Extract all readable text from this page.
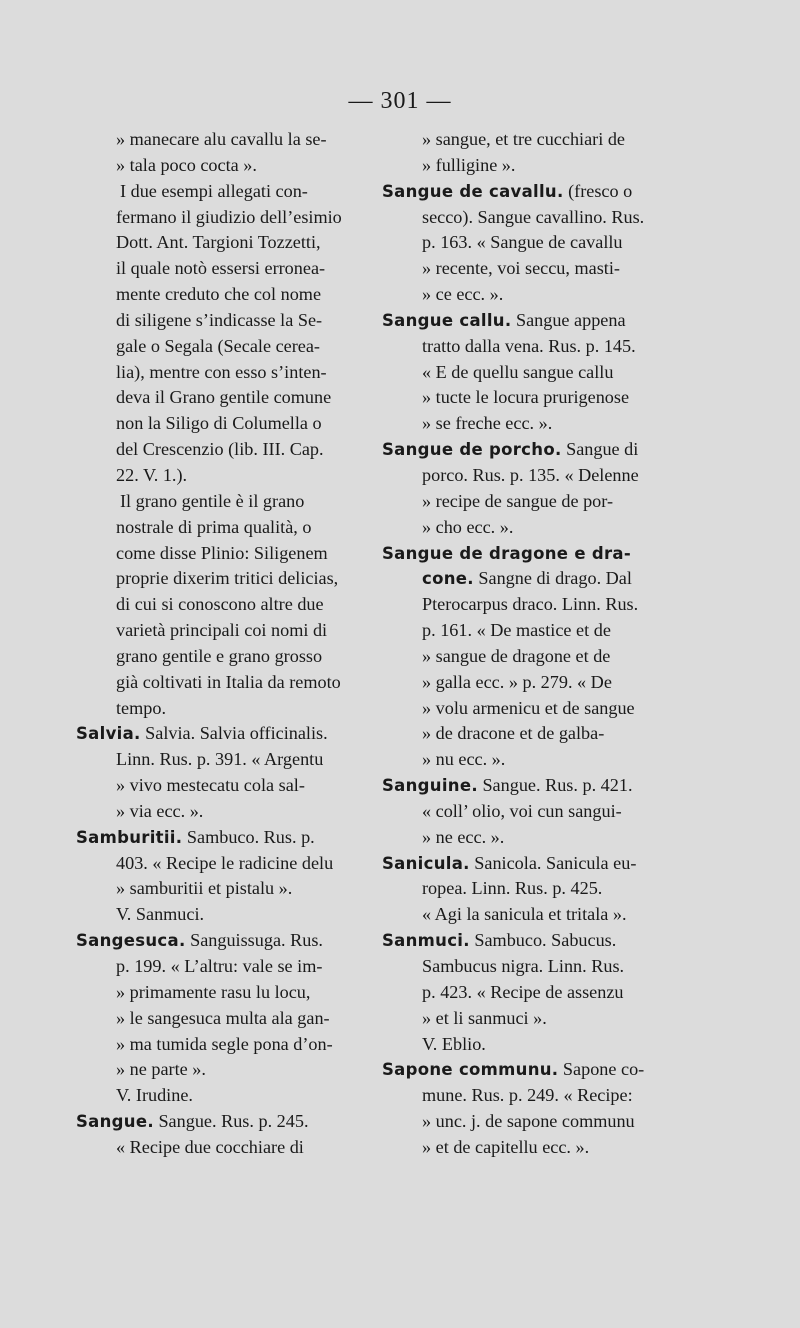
— 301 —
» manecare alu cavallu la se-
» tala poco cocta ».
I due esempi allegati con-
fermano il giudizio dell’esimio
Dott. Ant. Targioni Tozzetti,
il quale notò essersi erronea-
mente creduto che col nome
di siligene s’indicasse la Se-
gale o Segala (Secale cerea-
lia), mentre con esso s’inten-
deva il Grano gentile comune
non la Siligo di Columella o
del Crescenzio (lib. III. Cap.
22. V. 1.).
Il grano gentile è il grano
nostrale di prima qualità, o
come disse Plinio: Siligenem
proprie dixerim tritici delicias,
di cui si conoscono altre due
varietà principali coi nomi di
grano gentile e grano grosso
già coltivati in Italia da remoto
tempo.
Salvia. Salvia. Salvia officinalis.
Linn. Rus. p. 391. « Argentu
» vivo mestecatu cola sal-
» via ecc. ».
Samburitii. Sambuco. Rus. p.
403. « Recipe le radicine delu
» samburitii et pistalu ».
V. Sanmuci.
Sangesuca. Sanguissuga. Rus.
p. 199. « L’altru: vale se im-
» primamente rasu lu locu,
» le sangesuca multa ala gan-
» ma tumida segle pona d’on-
» ne parte ».
V. Irudine.
Sangue. Sangue. Rus. p. 245.
« Recipe due cocchiare di
» sangue, et tre cucchiari de
» fulligine ».
Sangue de cavallu. (fresco o
secco). Sangue cavallino. Rus.
p. 163. « Sangue de cavallu
» recente, voi seccu, masti-
» ce ecc. ».
Sangue callu. Sangue appena
tratto dalla vena. Rus. p. 145.
« E de quellu sangue callu
» tucte le locura prurigenose
» se freche ecc. ».
Sangue de porcho. Sangue di
porco. Rus. p. 135. « Delenne
» recipe de sangue de por-
» cho ecc. ».
Sangue de dragone e dra-
cone. Sangne di drago. Dal
Pterocarpus draco. Linn. Rus.
p. 161. « De mastice et de
» sangue de dragone et de
» galla ecc. » p. 279. « De
» volu armenicu et de sangue
» de dracone et de galba-
» nu ecc. ».
Sanguine. Sangue. Rus. p. 421.
« coll’ olio, voi cun sangui-
» ne ecc. ».
Sanicula. Sanicola. Sanicula eu-
ropea. Linn. Rus. p. 425.
« Agi la sanicula et tritala ».
Sanmuci. Sambuco. Sabucus.
Sambucus nigra. Linn. Rus.
p. 423. « Recipe de assenzu
» et li sanmuci ».
V. Eblio.
Sapone communu. Sapone co-
mune. Rus. p. 249. « Recipe:
» unc. j. de sapone communu
» et de capitellu ecc. ».
